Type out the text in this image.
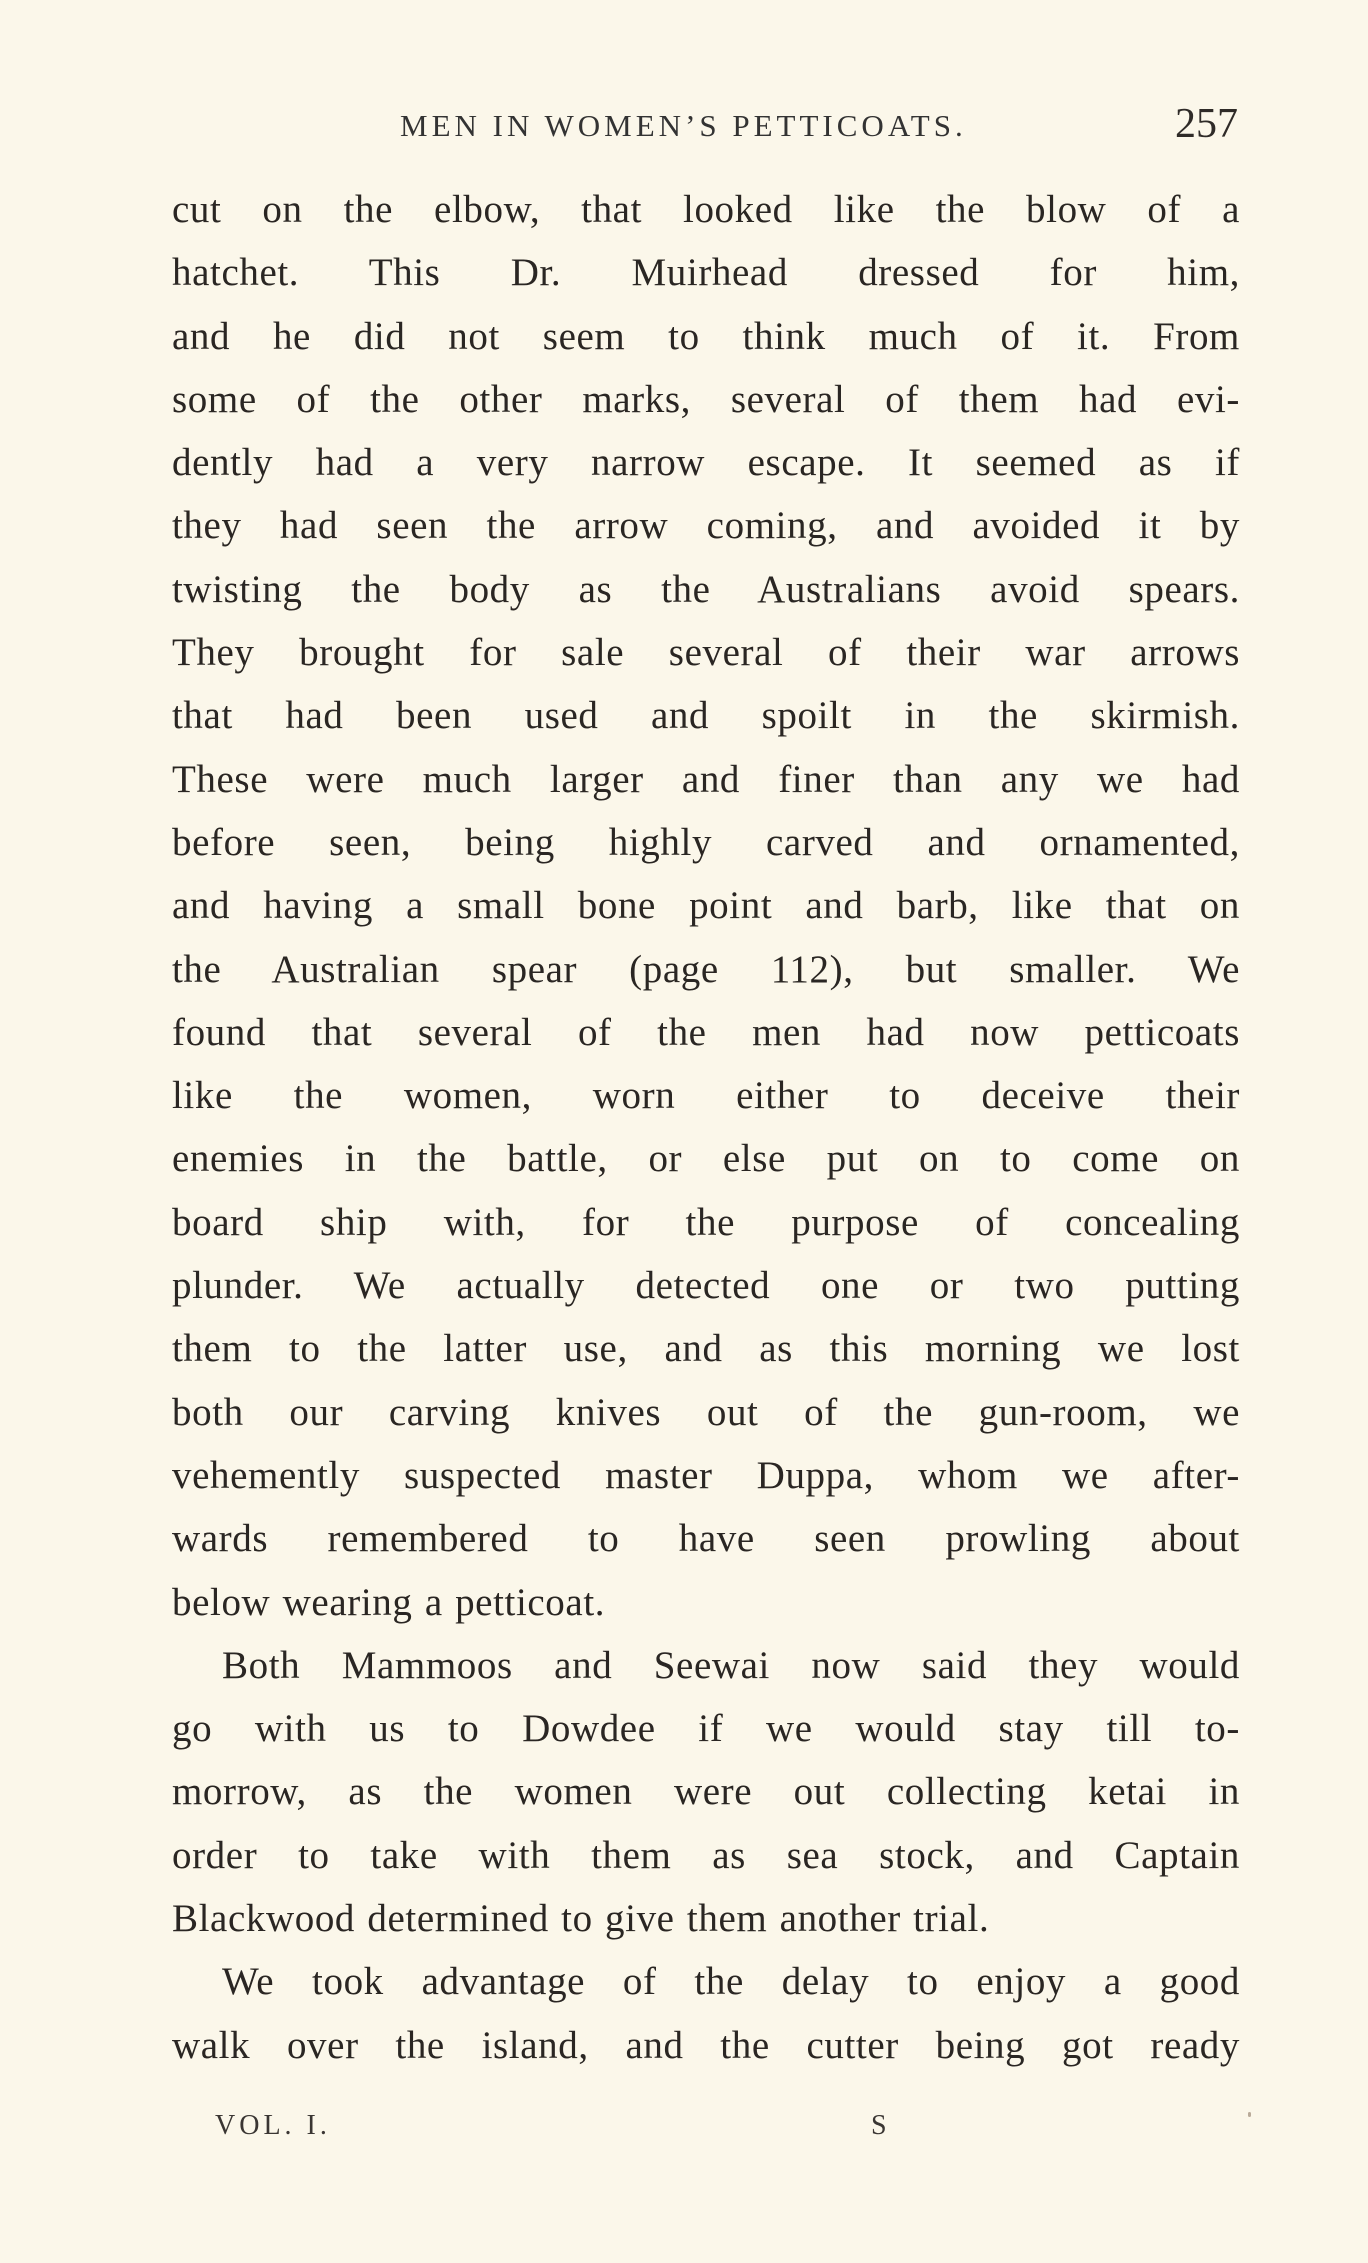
MEN IN WOMEN’S PETTICOATS.	257
cut on the elbow, that looked like the blow of a
hatchet. This Dr. Muirhead dressed for him,
and he did not seem to think much of it. From
some of the other marks, several of them had evi-
dently had a very narrow escape. It seemed as if
they had seen the arrow coming, and avoided it by
twisting the body as the Australians avoid spears.
They brought for sale several of their war arrows
that had been used and spoilt in the skirmish.
These were much larger and finer than any we had
before seen, being highly carved and ornamented,
and having a small bone point and barb, like that on
the Australian spear (page 112), but smaller. We
found that several of the men had now petticoats
like the women, worn either to deceive their
enemies in the battle, or else put on to come on
board ship with, for the purpose of concealing
plunder. We actually detected one or two putting
them to the latter use, and as this morning we lost
both our carving knives out of the gun-room, we
vehemently suspected master Duppa, whom we after-
wards remembered to have seen prowling about
below wearing a petticoat.
Both Mammoos and Seewai now said they would
go with us to Dowdee if we would stay till to-
morrow, as the women were out collecting ketai in
order to take with them as sea stock, and Captain
Blackwood determined to give them another trial.
We took advantage of the delay to enjoy a good
walk over the island, and the cutter being got ready
VOL. I.	S
